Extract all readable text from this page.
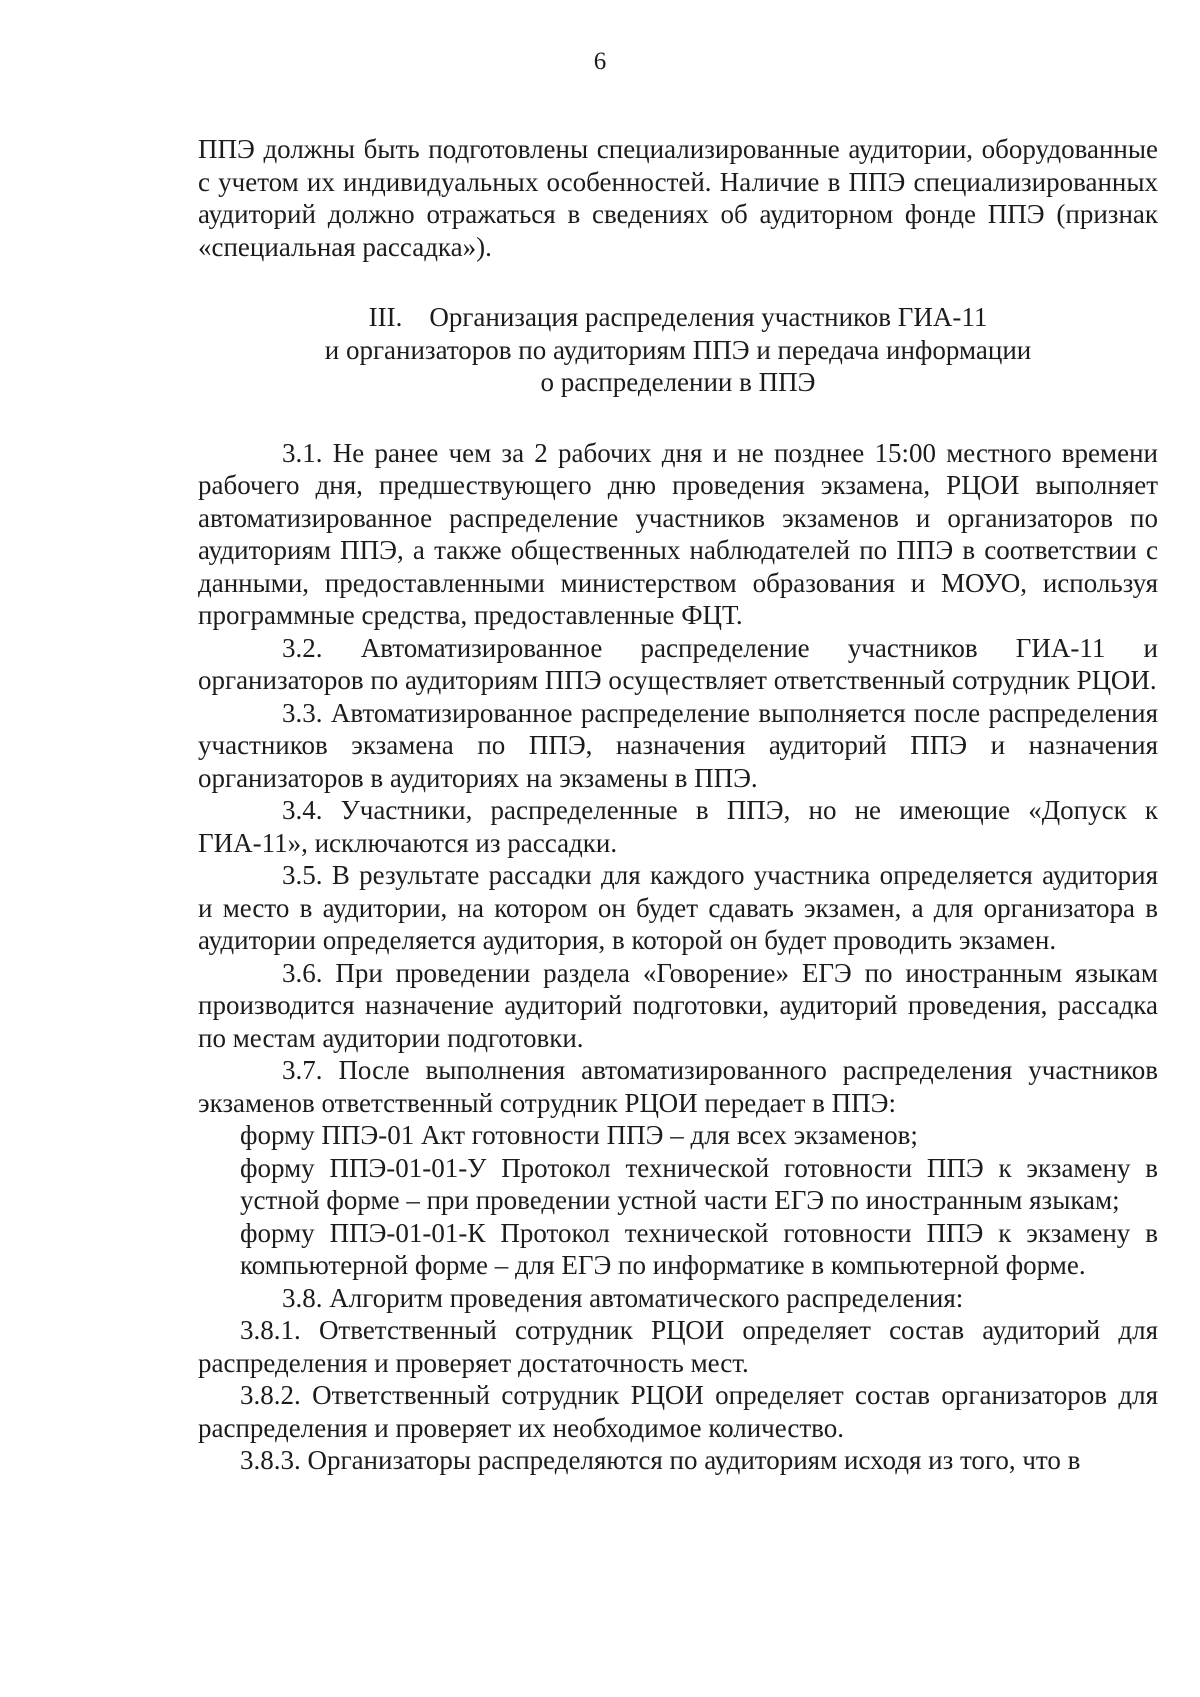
6

ППЭ должны быть подготовлены специализированные аудитории, оборудованные с учетом их индивидуальных особенностей. Наличие в ППЭ специализированных аудиторий должно отражаться в сведениях об аудиторном фонде ППЭ (признак «специальная рассадка»).

III. Организация распределения участников ГИА-11
и организаторов по аудиториям ППЭ и передача информации
о распределении в ППЭ

3.1. Не ранее чем за 2 рабочих дня и не позднее 15:00 местного времени рабочего дня, предшествующего дню проведения экзамена, РЦОИ выполняет автоматизированное распределение участников экзаменов и организаторов по аудиториям ППЭ, а также общественных наблюдателей по ППЭ в соответствии с данными, предоставленными министерством образования и МОУО, используя программные средства, предоставленные ФЦТ.

3.2. Автоматизированное распределение участников ГИА-11 и организаторов по аудиториям ППЭ осуществляет ответственный сотрудник РЦОИ.

3.3. Автоматизированное распределение выполняется после распределения участников экзамена по ППЭ, назначения аудиторий ППЭ и назначения организаторов в аудиториях на экзамены в ППЭ.

3.4. Участники, распределенные в ППЭ, но не имеющие «Допуск к ГИА-11», исключаются из рассадки.

3.5. В результате рассадки для каждого участника определяется аудитория и место в аудитории, на котором он будет сдавать экзамен, а для организатора в аудитории определяется аудитория, в которой он будет проводить экзамен.

3.6. При проведении раздела «Говорение» ЕГЭ по иностранным языкам производится назначение аудиторий подготовки, аудиторий проведения, рассадка по местам аудитории подготовки.

3.7. После выполнения автоматизированного распределения участников экзаменов ответственный сотрудник РЦОИ передает в ППЭ:

форму ППЭ-01 Акт готовности ППЭ – для всех экзаменов;

форму ППЭ-01-01-У Протокол технической готовности ППЭ к экзамену в устной форме – при проведении устной части ЕГЭ по иностранным языкам;

форму ППЭ-01-01-К Протокол технической готовности ППЭ к экзамену в компьютерной форме – для ЕГЭ по информатике в компьютерной форме.

3.8. Алгоритм проведения автоматического распределения:

3.8.1. Ответственный сотрудник РЦОИ определяет состав аудиторий для распределения и проверяет достаточность мест.

3.8.2. Ответственный сотрудник РЦОИ определяет состав организаторов для распределения и проверяет их необходимое количество.

3.8.3. Организаторы распределяются по аудиториям исходя из того, что в
